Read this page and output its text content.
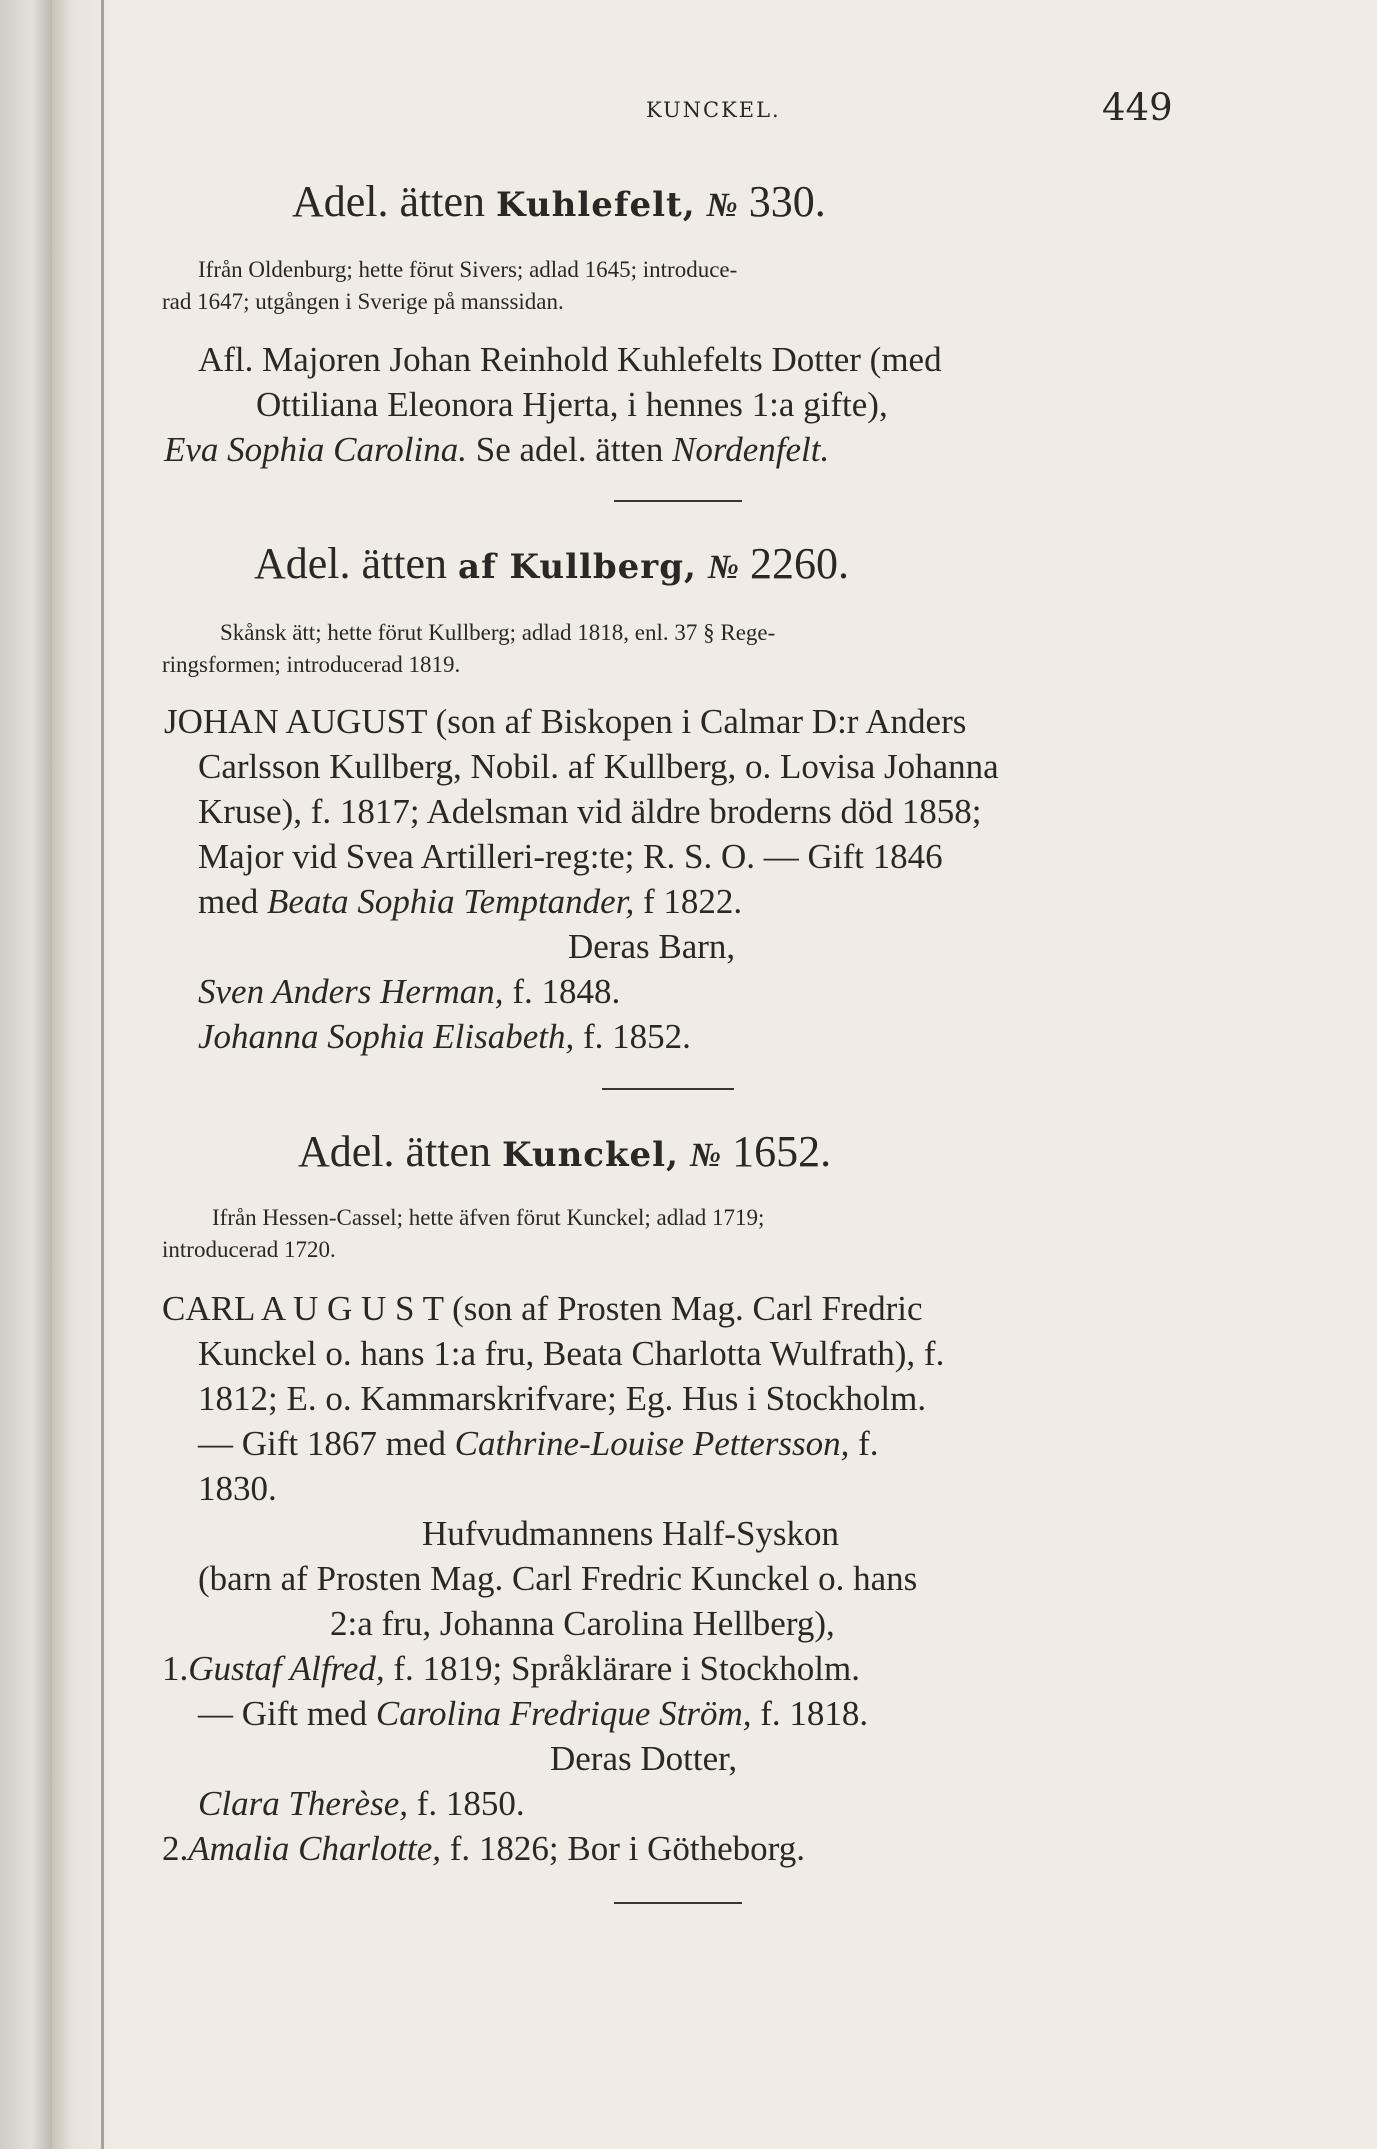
KUNCKEL.	449
Adel. ätten Kuhlefelt, № 330.
Ifrån Oldenburg; hette förut Sivers; adlad 1645; introduce-
rad 1647; utgången i Sverige på manssidan.
Afl. Majoren Johan Reinhold Kuhlefelts Dotter (med
Ottiliana Eleonora Hjerta, i hennes 1:a gifte),
Eva Sophia Carolina. Se adel. ätten Nordenfelt.
Adel. ätten af Kullberg, № 2260.
Skånsk ätt; hette förut Kullberg; adlad 1818, enl. 37 § Rege-
ringsformen; introducerad 1819.
JOHAN AUGUST (son af Biskopen i Calmar D:r Anders
Carlsson Kullberg, Nobil. af Kullberg, o. Lovisa Johanna
Kruse), f. 1817; Adelsman vid äldre broderns död 1858;
Major vid Svea Artilleri-reg:te; R. S. O. — Gift 1846
med Beata Sophia Temptander, f 1822.
Deras Barn,
Sven Anders Herman, f. 1848.
Johanna Sophia Elisabeth, f. 1852.
Adel. ätten Kunckel, № 1652.
Ifrån Hessen-Cassel; hette äfven förut Kunckel; adlad 1719;
introducerad 1720.
CARL A U G U S T (son af Prosten Mag. Carl Fredric
Kunckel o. hans 1:a fru, Beata Charlotta Wulfrath), f.
1812; E. o. Kammarskrifvare; Eg. Hus i Stockholm.
— Gift 1867 med Cathrine-Louise Pettersson, f.
1830.
Hufvudmannens Half-Syskon
(barn af Prosten Mag. Carl Fredric Kunckel o. hans
2:a fru, Johanna Carolina Hellberg),
1.Gustaf Alfred, f. 1819; Språklärare i Stockholm.
— Gift med Carolina Fredrique Ström, f. 1818.
Deras Dotter,
Clara Therèse, f. 1850.
2.Amalia Charlotte, f. 1826; Bor i Götheborg.
